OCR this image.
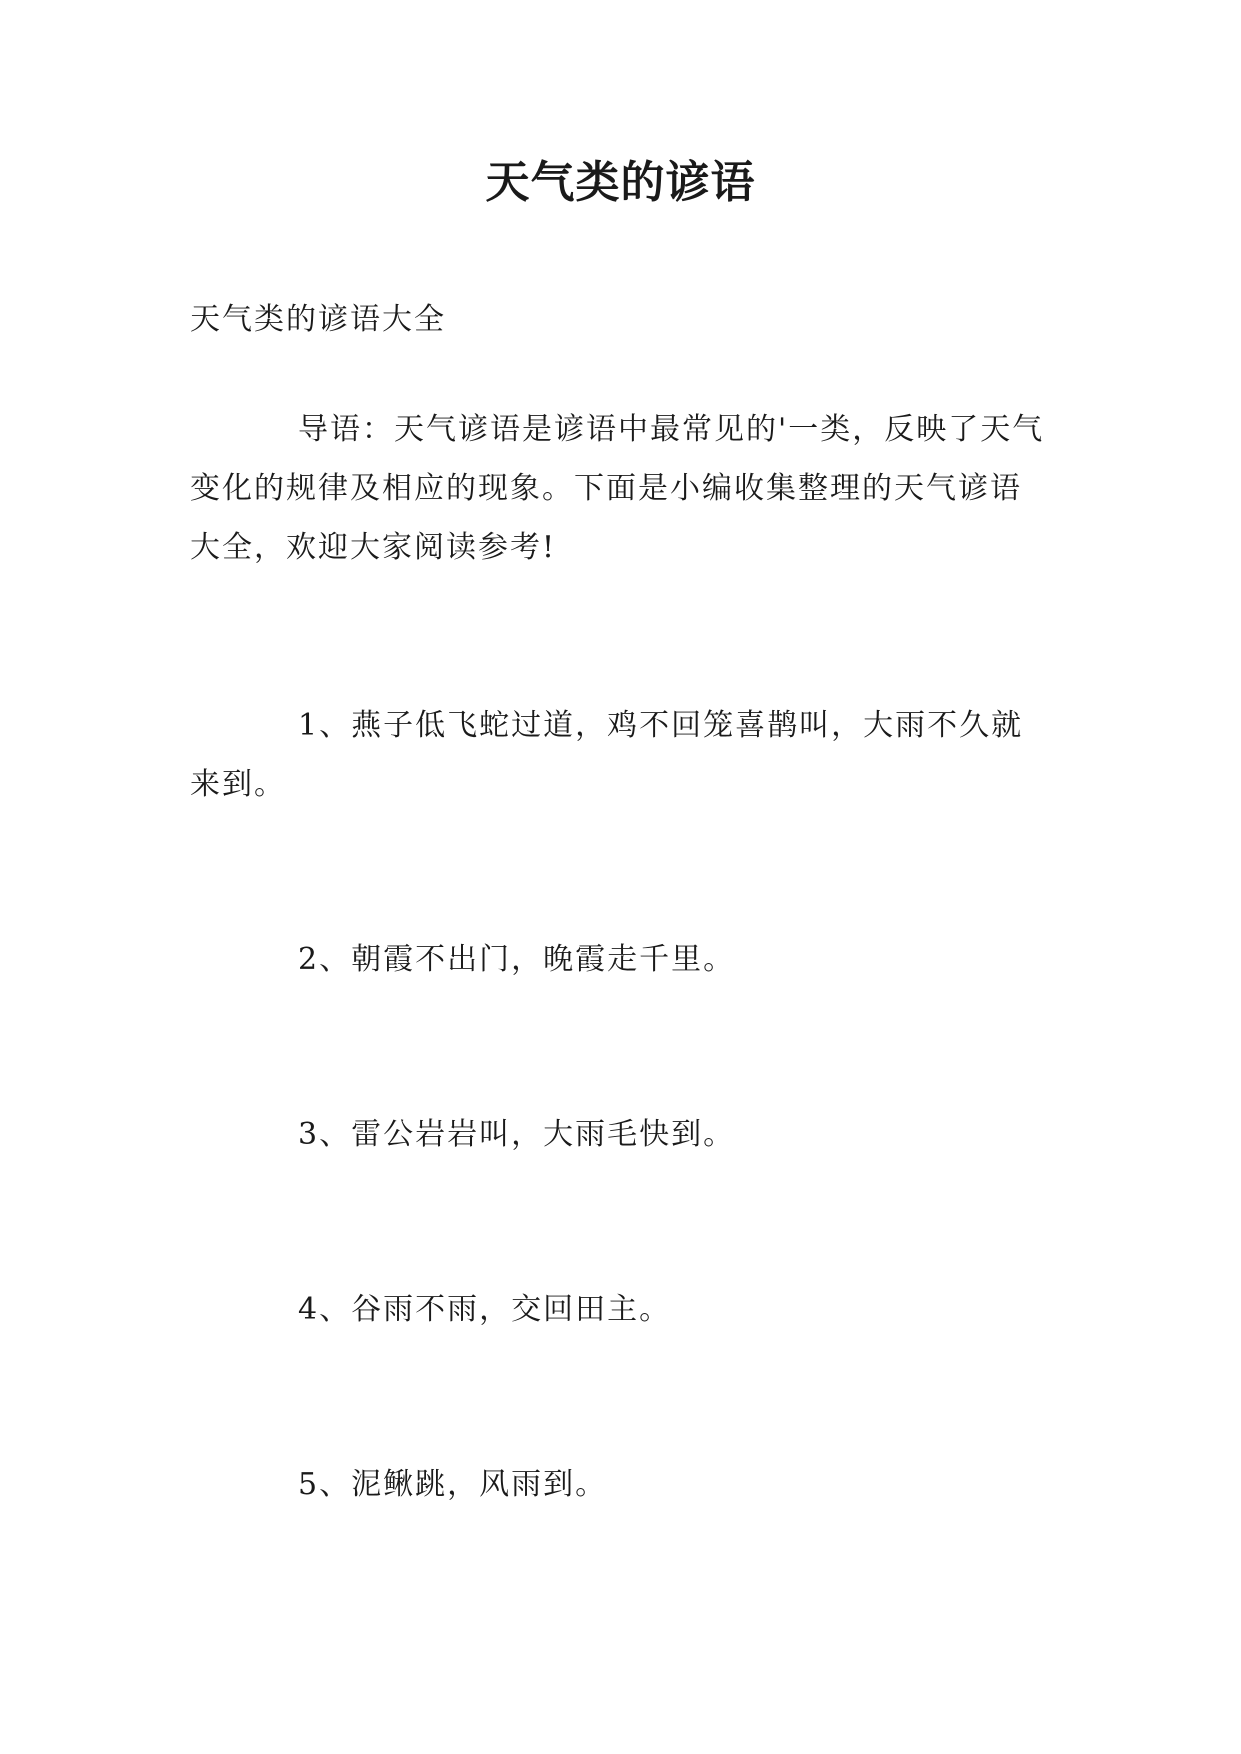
天气类的谚语

天气类的谚语大全

导语：天气谚语是谚语中最常见的'一类，反映了天气变化的规律及相应的现象。下面是小编收集整理的天气谚语大全，欢迎大家阅读参考!

1、燕子低飞蛇过道，鸡不回笼喜鹊叫，大雨不久就来到。

2、朝霞不出门，晚霞走千里。

3、雷公岩岩叫，大雨毛快到。

4、谷雨不雨，交回田主。

5、泥鳅跳，风雨到。
